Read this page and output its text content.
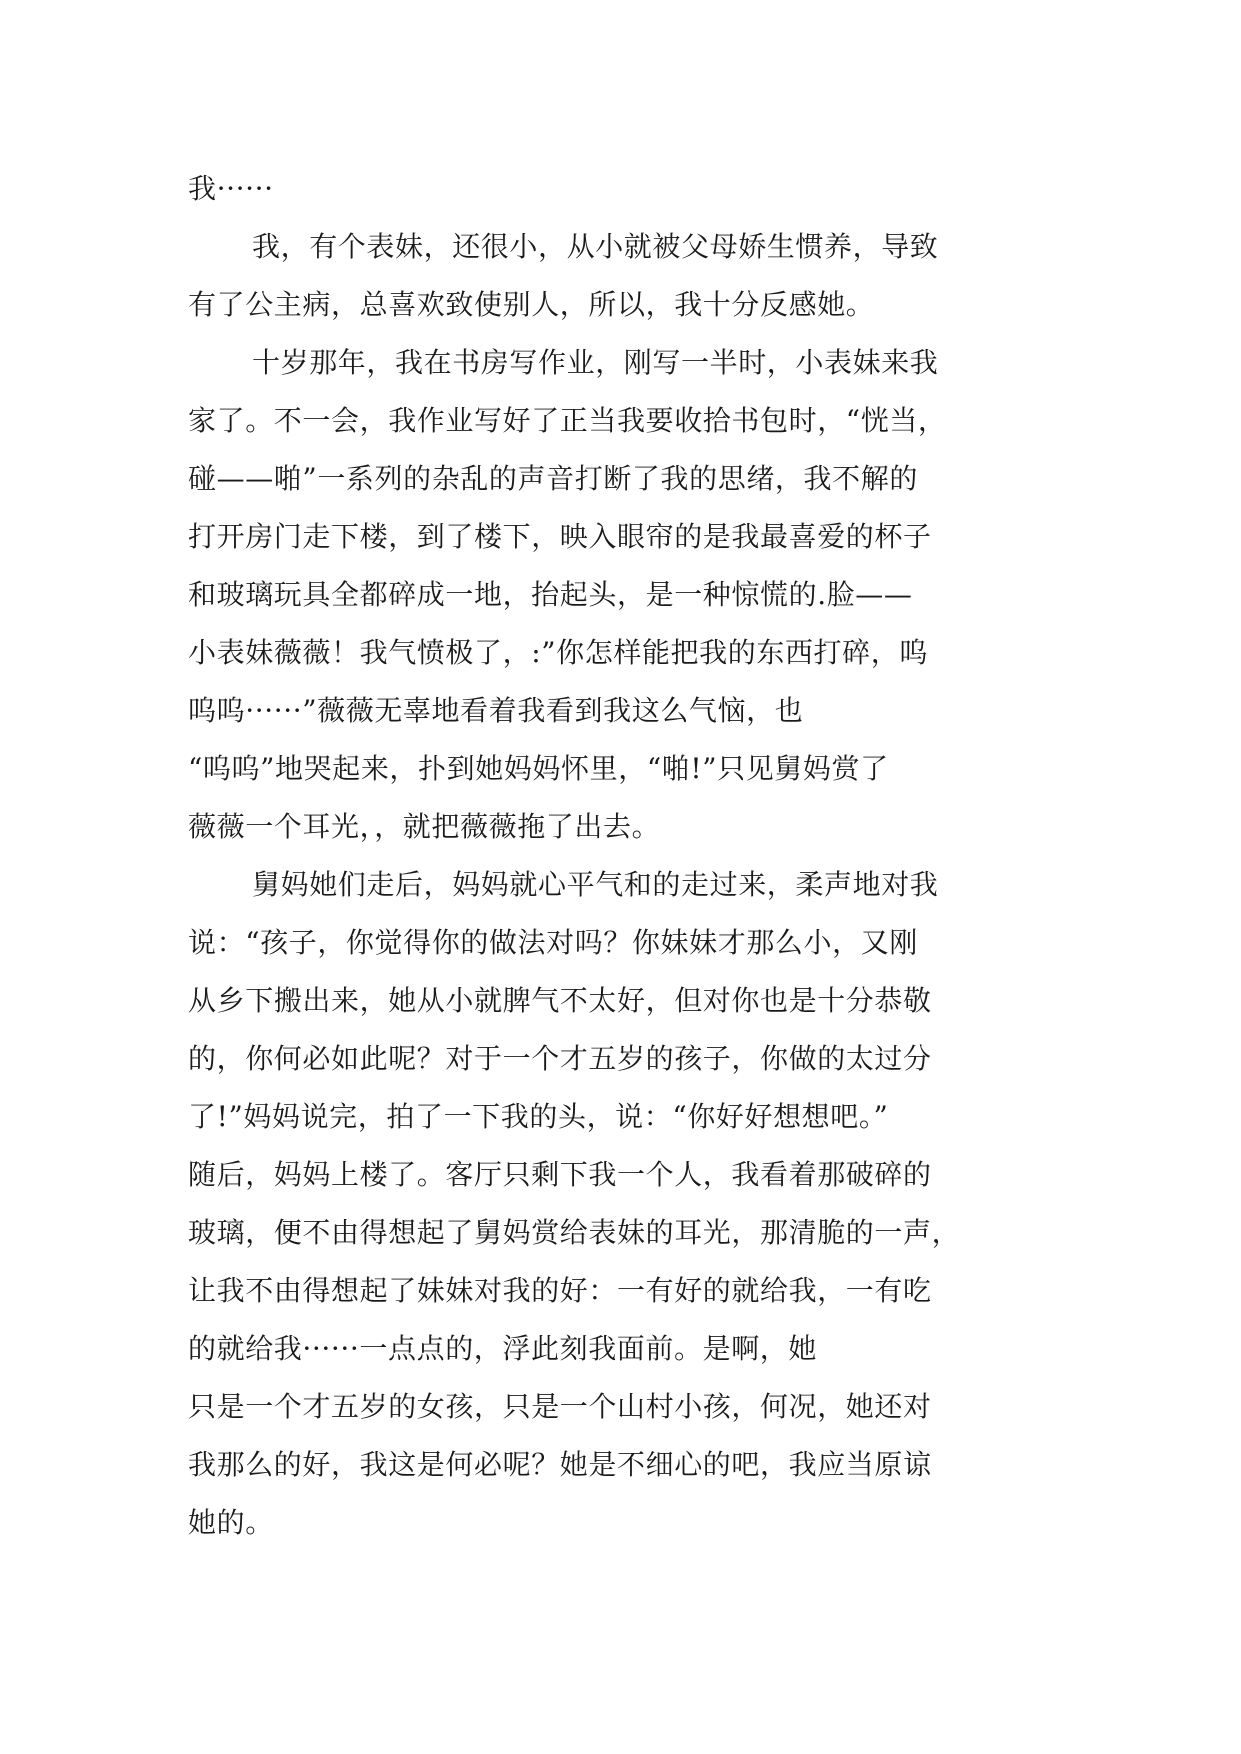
我······
我，有个表妹，还很小，从小就被父母娇生惯养，导致
有了公主病，总喜欢致使别人，所以，我十分反感她。
十岁那年，我在书房写作业，刚写一半时，小表妹来我
家了。不一会，我作业写好了正当我要收拾书包时，“恍当，
碰——啪”一系列的杂乱的声音打断了我的思绪，我不解的
打开房门走下楼，到了楼下，映入眼帘的是我最喜爱的杯子
和玻璃玩具全都碎成一地，抬起头，是一种惊慌的.脸——
小表妹薇薇！我气愤极了，:”你怎样能把我的东西打碎，呜
呜呜······”薇薇无辜地看着我看到我这么气恼，也
“呜呜”地哭起来，扑到她妈妈怀里，“啪!”只见舅妈赏了
薇薇一个耳光，，就把薇薇拖了出去。
舅妈她们走后，妈妈就心平气和的走过来，柔声地对我
说：“孩子，你觉得你的做法对吗？你妹妹才那么小，又刚
从乡下搬出来，她从小就脾气不太好，但对你也是十分恭敬
的，你何必如此呢？对于一个才五岁的孩子，你做的太过分
了!”妈妈说完，拍了一下我的头，说：“你好好想想吧。”
随后，妈妈上楼了。客厅只剩下我一个人，我看着那破碎的
玻璃，便不由得想起了舅妈赏给表妹的耳光，那清脆的一声，
让我不由得想起了妹妹对我的好：一有好的就给我，一有吃
的就给我······一点点的，浮此刻我面前。是啊，她
只是一个才五岁的女孩，只是一个山村小孩，何况，她还对
我那么的好，我这是何必呢？她是不细心的吧，我应当原谅
她的。
